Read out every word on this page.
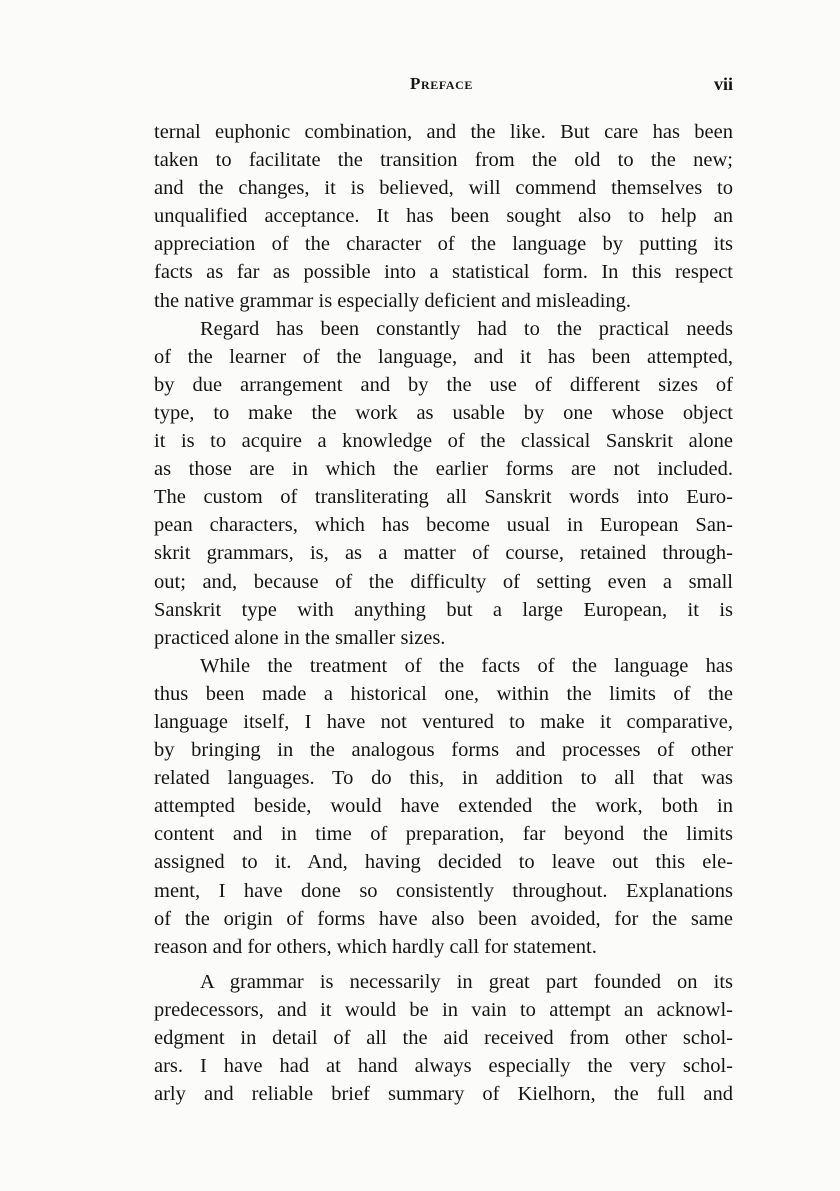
Preface	vii
ternal euphonic combination, and the like. But care has been
taken to facilitate the transition from the old to the new;
and the changes, it is believed, will commend themselves to
unqualified acceptance. It has been sought also to help an
appreciation of the character of the language by putting its
facts as far as possible into a statistical form. In this respect
the native grammar is especially deficient and misleading.
Regard has been constantly had to the practical needs
of the learner of the language, and it has been attempted,
by due arrangement and by the use of different sizes of
type, to make the work as usable by one whose object
it is to acquire a knowledge of the classical Sanskrit alone
as those are in which the earlier forms are not included.
The custom of transliterating all Sanskrit words into Euro-
pean characters, which has become usual in European San-
skrit grammars, is, as a matter of course, retained through-
out; and, because of the difficulty of setting even a small
Sanskrit type with anything but a large European, it is
practiced alone in the smaller sizes.
While the treatment of the facts of the language has
thus been made a historical one, within the limits of the
language itself, I have not ventured to make it comparative,
by bringing in the analogous forms and processes of other
related languages. To do this, in addition to all that was
attempted beside, would have extended the work, both in
content and in time of preparation, far beyond the limits
assigned to it. And, having decided to leave out this ele-
ment, I have done so consistently throughout. Explanations
of the origin of forms have also been avoided, for the same
reason and for others, which hardly call for statement.
A grammar is necessarily in great part founded on its
predecessors, and it would be in vain to attempt an acknowl-
edgment in detail of all the aid received from other schol-
ars. I have had at hand always especially the very schol-
arly and reliable brief summary of Kielhorn, the full and
